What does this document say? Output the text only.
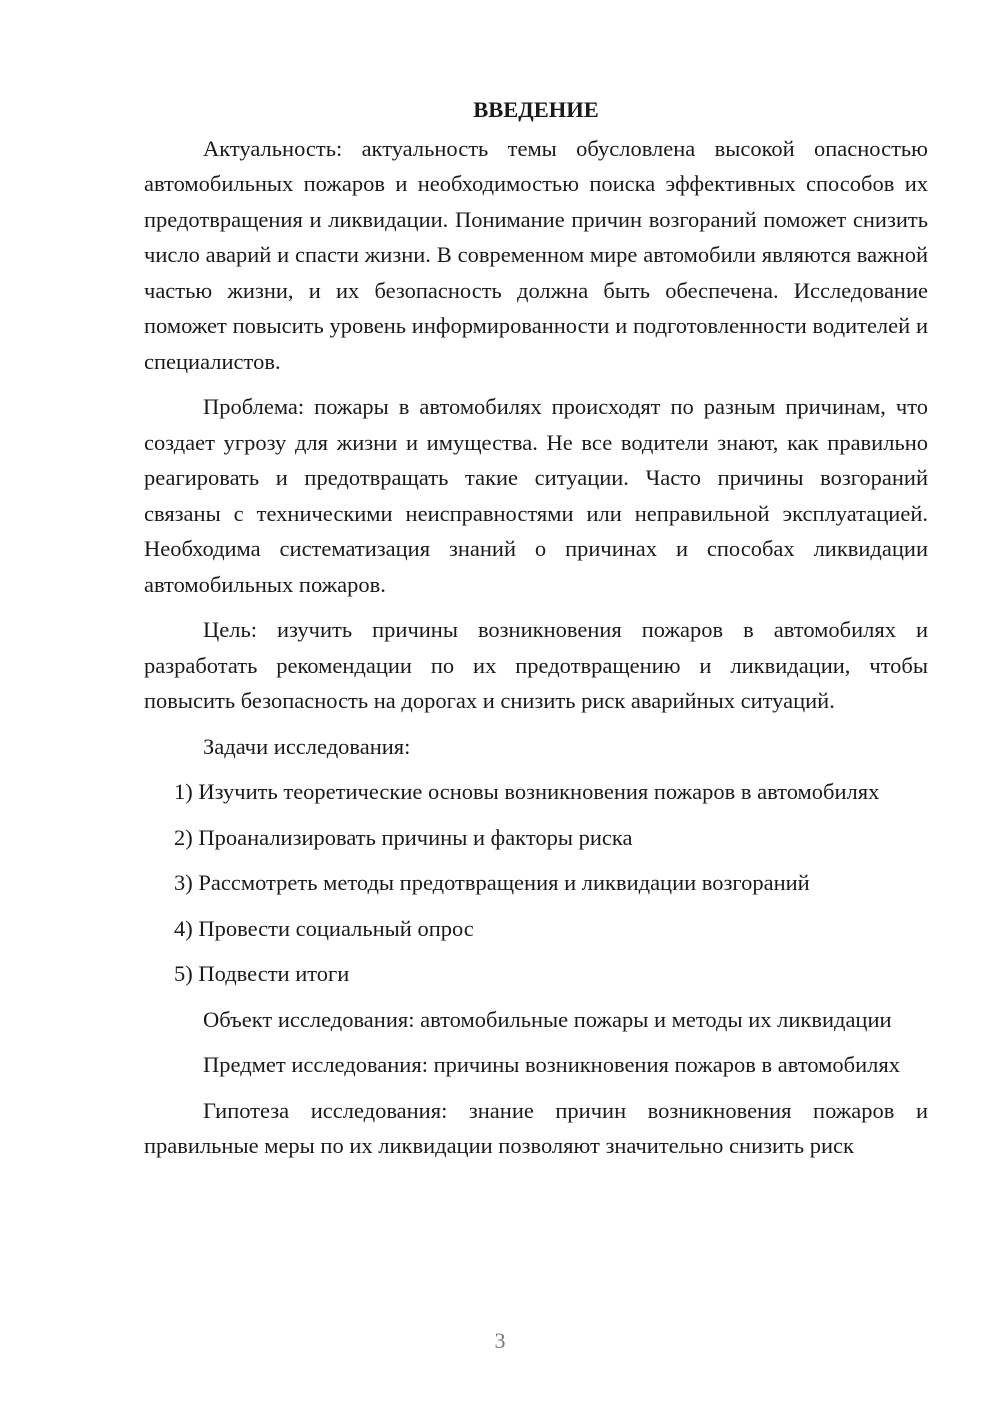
ВВЕДЕНИЕ

Актуальность: актуальность темы обусловлена высокой опасностью автомобильных пожаров и необходимостью поиска эффективных способов их предотвращения и ликвидации. Понимание причин возгораний поможет снизить число аварий и спасти жизни. В современном мире автомобили являются важной частью жизни, и их безопасность должна быть обеспечена. Исследование поможет повысить уровень информированности и подготовленности водителей и специалистов.

Проблема: пожары в автомобилях происходят по разным причинам, что создает угрозу для жизни и имущества. Не все водители знают, как правильно реагировать и предотвращать такие ситуации. Часто причины возгораний связаны с техническими неисправностями или неправильной эксплуатацией. Необходима систематизация знаний о причинах и способах ликвидации автомобильных пожаров.

Цель: изучить причины возникновения пожаров в автомобилях и разработать рекомендации по их предотвращению и ликвидации, чтобы повысить безопасность на дорогах и снизить риск аварийных ситуаций.

Задачи исследования:

1) Изучить теоретические основы возникновения пожаров в автомобилях

2) Проанализировать причины и факторы риска

3) Рассмотреть методы предотвращения и ликвидации возгораний

4) Провести социальный опрос

5) Подвести итоги

Объект исследования: автомобильные пожары и методы их ликвидации

Предмет исследования: причины возникновения пожаров в автомобилях

Гипотеза исследования: знание причин возникновения пожаров и правильные меры по их ликвидации позволяют значительно снизить риск

3
